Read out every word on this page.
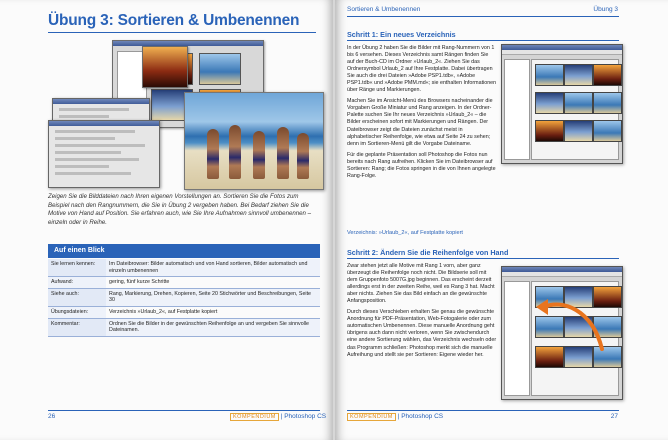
Übung 3: Sortieren & Umbenennen
Zeigen Sie die Bilddateien nach Ihren eigenen Vorstellungen an. Sortieren Sie die Fotos zum Beispiel nach den Rangnummern, die Sie in Übung 2 vergeben haben. Bei Bedarf ziehen Sie die Motive von Hand auf Position. Sie erfahren auch, wie Sie Ihre Aufnahmen sinnvoll umbenennen – einzeln oder in Reihe.
Auf einen Blick
Sie lernen kennen:	Im Dateibrowser: Bilder automatisch und von Hand sortieren, Bilder automatisch und einzeln umbenennen
Aufwand:	gering, fünf kurze Schritte
Siehe auch:	Rang, Markierung, Drehen, Kopieren, Seite 20 Stichwörter und Beschreibungen, Seite 30
Übungsdateien:	Verzeichnis »Urlaub_2«, auf Festplatte kopiert
Kommentar:	Ordnen Sie die Bilder in der gewünschten Reihenfolge an und vergeben Sie sinnvolle Dateinamen.
26	KOMPENDIUM | Photoshop CS
Sortieren & Umbenennen	Übung 3
Schritt 1: Ein neues Verzeichnis

In der Übung 2 haben Sie die Bilder mit Rang-Nummern von 1 bis 6 versehen. Dieses Verzeichnis samt Rängen finden Sie auf der Buch-CD im Ordner »Urlaub_2«. Ziehen Sie das Ordnersymbol Urlaub_2 auf Ihre Festplatte. Dabei übertragen Sie auch die drei Dateien »Adobe PSP1.tdb«, »Adobe PSP1.tdb« und »Adobe PMM.md«; sie enthalten Informationen über Ränge und Markierungen.

Machen Sie im Ansicht-Menü des Browsers nacheinander die Vorgaben Große Miniatur und Rang anzeigen. In der Ordner-Palette suchen Sie Ihr neues Verzeichnis »Urlaub_2« – die Bilder erscheinen sofort mit Markierungen und Rängen. Der Dateibrowser zeigt die Dateien zunächst meist in alphabetischer Reihenfolge, wie etwa auf Seite 24 zu sehen; denn im Sortieren-Menü gilt die Vorgabe Dateiname.

Für die geplante Präsentation soll Photoshop die Fotos nun bereits nach Rang aufreihen. Klicken Sie im Dateibrowser auf Sortieren: Rang; die Fotos springen in die von Ihnen angelegte Rang-Folge.

Verzeichnis: »Urlaub_2«, auf Festplatte kopiert
Schritt 2: Ändern Sie die Reihenfolge von Hand

Zwar stehen jetzt alle Motive mit Rang 1 vorn, aber ganz überzeugt die Reihenfolge noch nicht. Die Bildserie soll mit dem Gruppenfoto 5007G.jpg beginnen. Das erscheint derzeit allerdings erst in der zweiten Reihe, weil es Rang 3 hat. Macht aber nichts. Ziehen Sie das Bild einfach an die gewünschte Anfangsposition.

Durch dieses Verschieben erhalten Sie genau die gewünschte Anordnung für PDF-Präsentation, Web-Fotogalerie oder zum automatischen Umbenennen. Diese manuelle Anordnung geht übrigens auch dann nicht verloren, wenn Sie zwischendurch eine andere Sortierung wählen, das Verzeichnis wechseln oder das Programm schließen: Photoshop merkt sich die manuelle Aufreihung und stellt sie per Sortieren: Eigene wieder her.

KOMPENDIUM | Photoshop CS	27
